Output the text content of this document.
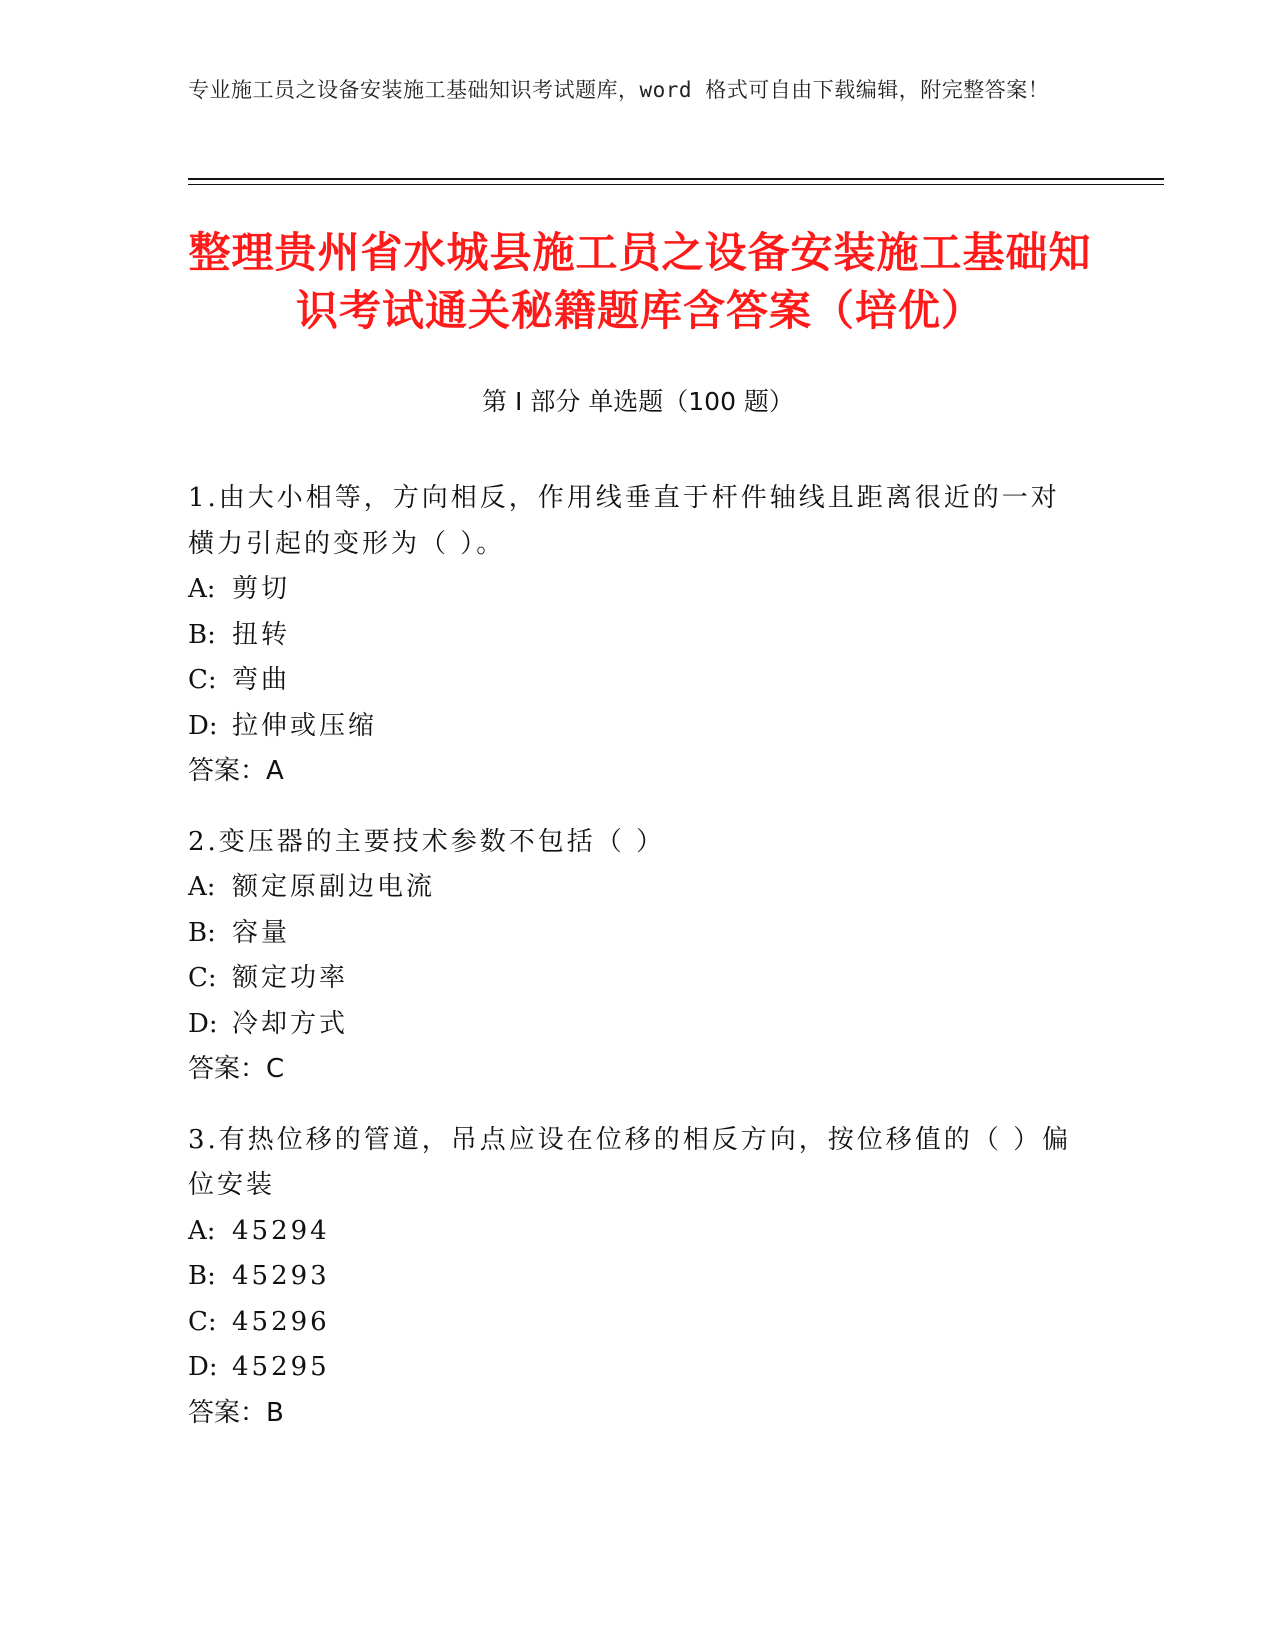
专业施工员之设备安装施工基础知识考试题库，word 格式可自由下载编辑，附完整答案！
整理贵州省水城县施工员之设备安装施工基础知识考试通关秘籍题库含答案（培优）
第 I 部分 单选题（100 题）
1.由大小相等，方向相反，作用线垂直于杆件轴线且距离很近的一对横力引起的变形为（ ）。
A: 剪切
B: 扭转
C: 弯曲
D: 拉伸或压缩
答案：A
2.变压器的主要技术参数不包括（ ）
A: 额定原副边电流
B: 容量
C: 额定功率
D: 冷却方式
答案：C
3.有热位移的管道，吊点应设在位移的相反方向，按位移值的（ ）偏位安装
A: 45294
B: 45293
C: 45296
D: 45295
答案：B
